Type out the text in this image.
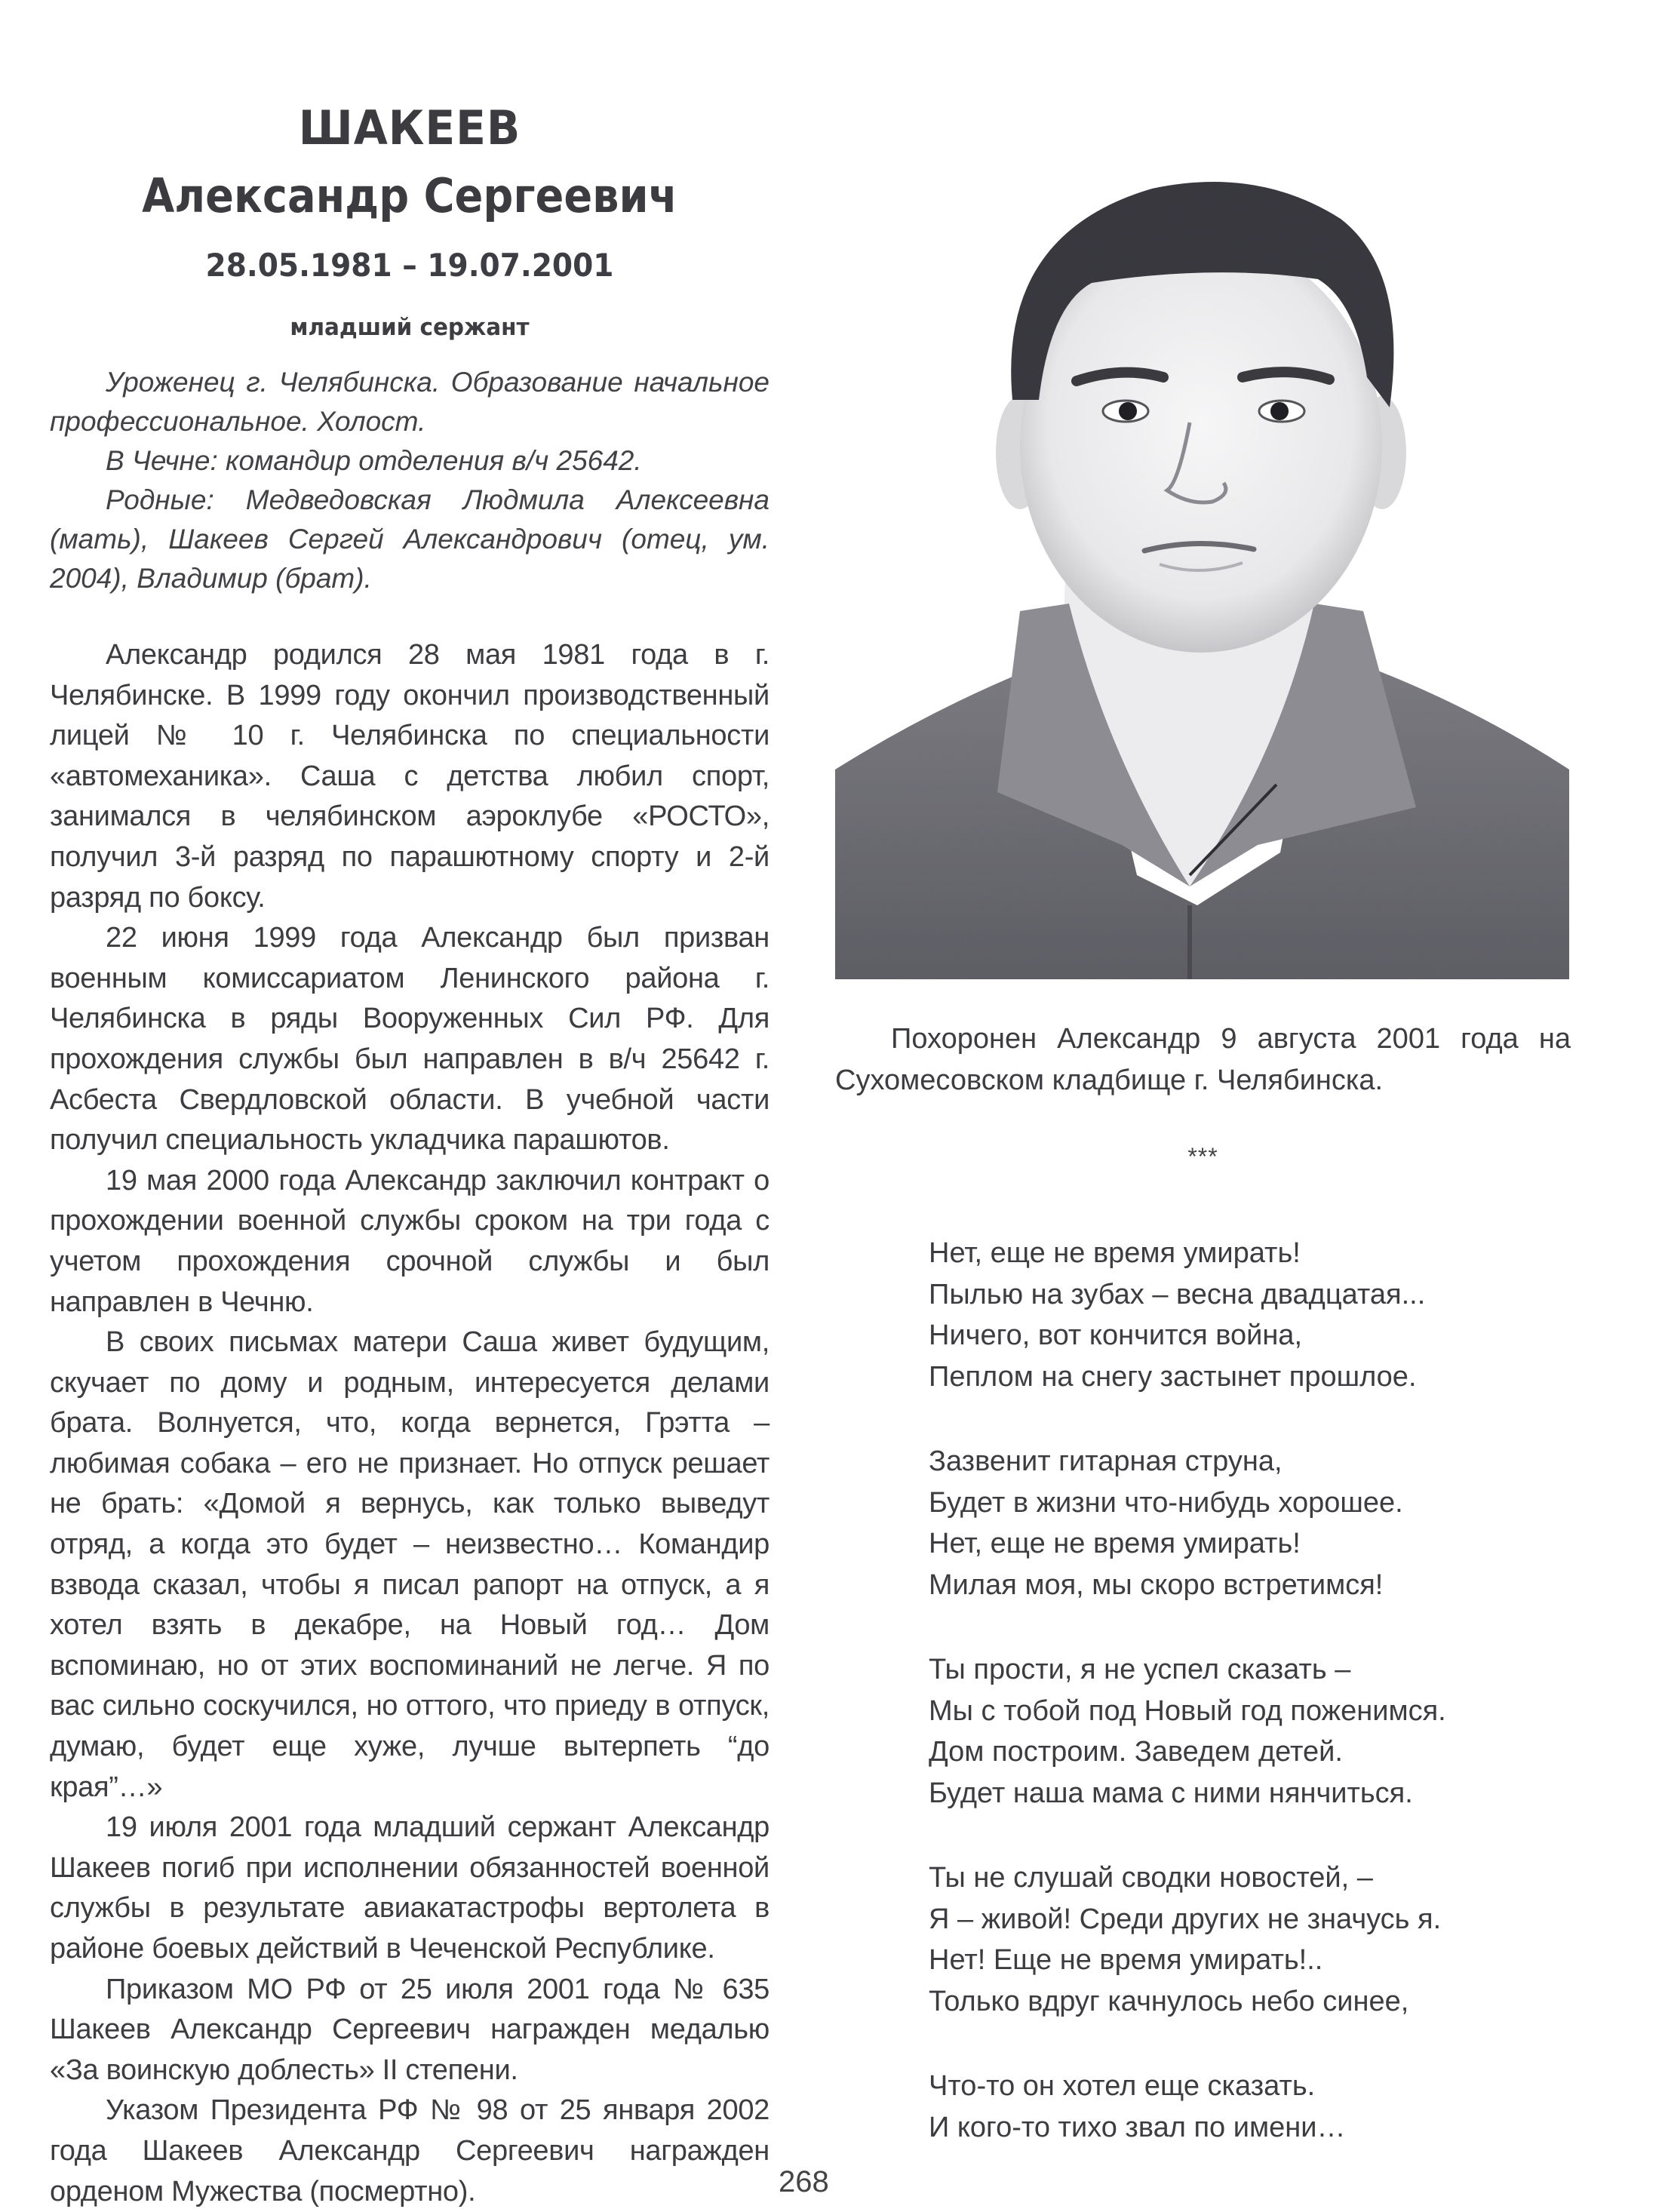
ШАКЕЕВ
Александр Сергеевич
28.05.1981 – 19.07.2001
младший сержант

Уроженец г. Челябинска. Образование начальное профессиональное. Холост.

В Чечне: командир отделения в/ч 25642.

Родные: Медведовская Людмила Алексеевна (мать), Шакеев Сергей Александрович (отец, ум. 2004), Владимир (брат).

Александр родился 28 мая 1981 года в г. Челябинске. В 1999 году окончил производственный лицей № 10 г. Челябинска по специальности «автомеханика». Саша с детства любил спорт, занимался в челябинском аэроклубе «РОСТО», получил 3-й разряд по парашютному спорту и 2-й разряд по боксу.

22 июня 1999 года Александр был призван военным комиссариатом Ленинского района г. Челябинска в ряды Вооруженных Сил РФ. Для прохождения службы был направлен в в/ч 25642 г. Асбеста Свердловской области. В учебной части получил специальность укладчика парашютов.

19 мая 2000 года Александр заключил контракт о прохождении военной службы сроком на три года с учетом прохождения срочной службы и был направлен в Чечню.

В своих письмах матери Саша живет будущим, скучает по дому и родным, интересуется делами брата. Волнуется, что, когда вернется, Грэтта – любимая собака – его не признает. Но отпуск решает не брать: «Домой я вернусь, как только выведут отряд, а когда это будет – неизвестно… Командир взвода сказал, чтобы я писал рапорт на отпуск, а я хотел взять в декабре, на Новый год… Дом вспоминаю, но от этих воспоминаний не легче. Я по вас сильно соскучился, но оттого, что приеду в отпуск, думаю, будет еще хуже, лучше вытерпеть “до края”…»

19 июля 2001 года младший сержант Александр Шакеев погиб при исполнении обязанностей военной службы в результате авиакатастрофы вертолета в районе боевых действий в Чеченской Республике.

Приказом МО РФ от 25 июля 2001 года № 635 Шакеев Александр Сергеевич награжден медалью «За воинскую доблесть» II степени.

Указом Президента РФ № 98 от 25 января 2002 года Шакеев Александр Сергеевич награжден орденом Мужества (посмертно).

Похоронен Александр 9 августа 2001 года на Сухомесовском кладбище г. Челябинска.

***
Нет, еще не время умирать!
Пылью на зубах – весна двадцатая...
Ничего, вот кончится война,
Пеплом на снегу застынет прошлое.
Зазвенит гитарная струна,
Будет в жизни что-нибудь хорошее.
Нет, еще не время умирать!
Милая моя, мы скоро встретимся!
Ты прости, я не успел сказать –
Мы с тобой под Новый год поженимся.
Дом построим. Заведем детей.
Будет наша мама с ними нянчиться.
Ты не слушай сводки новостей, –
Я – живой! Среди других не значусь я.
Нет! Еще не время умирать!..
Только вдруг качнулось небо синее,
Что-то он хотел еще сказать.
И кого-то тихо звал по имени…
268
